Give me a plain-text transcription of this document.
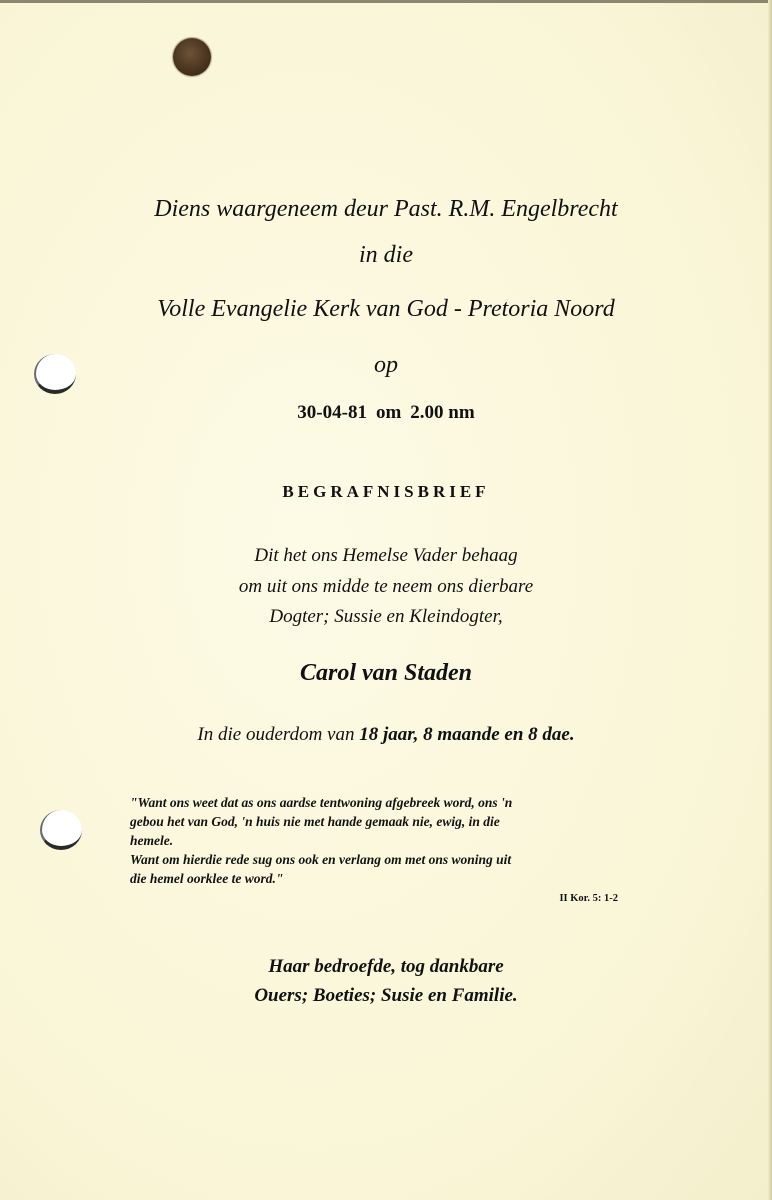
Diens waargeneem deur Past. R.M. Engelbrecht
in die
Volle Evangelie Kerk van God - Pretoria Noord
op
30-04-81 om 2.00 nm
BEGRAFNISBRIEF
Dit het ons Hemelse Vader behaag
om uit ons midde te neem ons dierbare
Dogter; Sussie en Kleindogter,
Carol van Staden
In die ouderdom van 18 jaar, 8 maande en 8 dae.

"Want ons weet dat as ons aardse tentwoning afgebreek word, ons 'n

gebou het van God, 'n huis nie met hande gemaak nie, ewig, in die

hemele.

Want om hierdie rede sug ons ook en verlang om met ons woning uit

die hemel oorklee te word."

II Kor. 5: 1-2
Haar bedroefde, tog dankbare
Ouers; Boeties; Susie en Familie.
